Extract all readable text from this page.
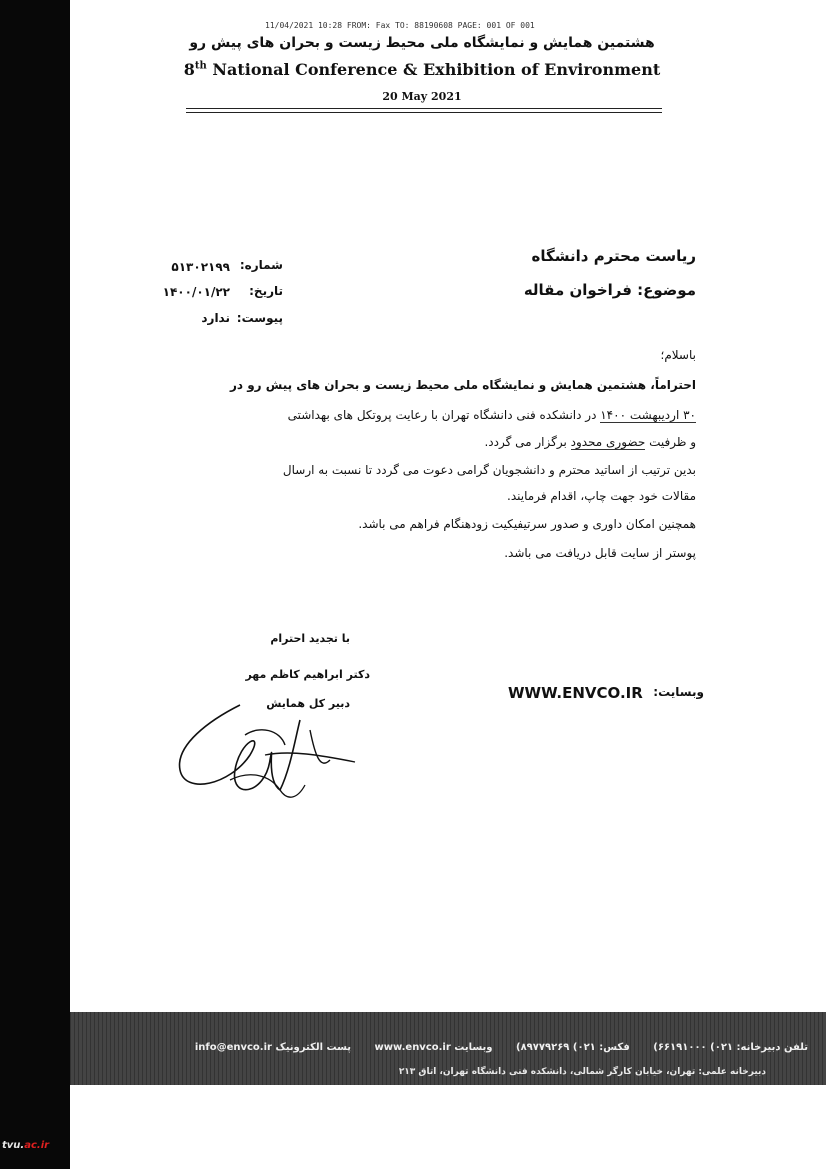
tvu.ac.ir
11/04/2021 10:28 FROM: Fax TO: 88190608 PAGE: 001 OF 001
هشتمین همایش و نمایشگاه ملی محیط زیست و بحران های پیش رو
8th National Conference & Exhibition of Environment
20 May 2021
شماره:
۵۱۳۰۲۱۹۹
تاریخ:
۱۴۰۰/۰۱/۲۲
پیوست:
ندارد
ریاست محترم دانشگاه
موضوع: فراخوان مقاله
باسلام؛
احتراماً، هشتمین همایش و نمایشگاه ملی محیط زیست و بحران های پیش رو در
۳۰ اردیبهشت ۱۴۰۰ در دانشکده فنی دانشگاه تهران با رعایت پروتکل های بهداشتی
و ظرفیت حضوری محدود برگزار می گردد.
بدین ترتیب از اساتید محترم و دانشجویان گرامی دعوت می گردد تا نسبت به ارسال
مقالات خود جهت چاپ، اقدام فرمایند.
همچنین امکان داوری و صدور سرتیفیکیت زودهنگام فراهم می باشد.
پوستر از سایت قابل دریافت می باشد.
با تجدید احترام
دکتر ابراهیم کاظم مهر
دبیر کل همایش
وبسایت:
WWW.ENVCO.IR
تلفن دبیرخانه: ۰۲۱) ۶۶۱۹۱۰۰۰) فکس: ۰۲۱) ۸۹۷۷۹۲۶۹) وبسایت www.envco.ir پست الکترونیک info@envco.ir
دبیرخانه علمی: تهران، خیابان کارگر شمالی، دانشکده فنی دانشگاه تهران، اتاق ۲۱۳
